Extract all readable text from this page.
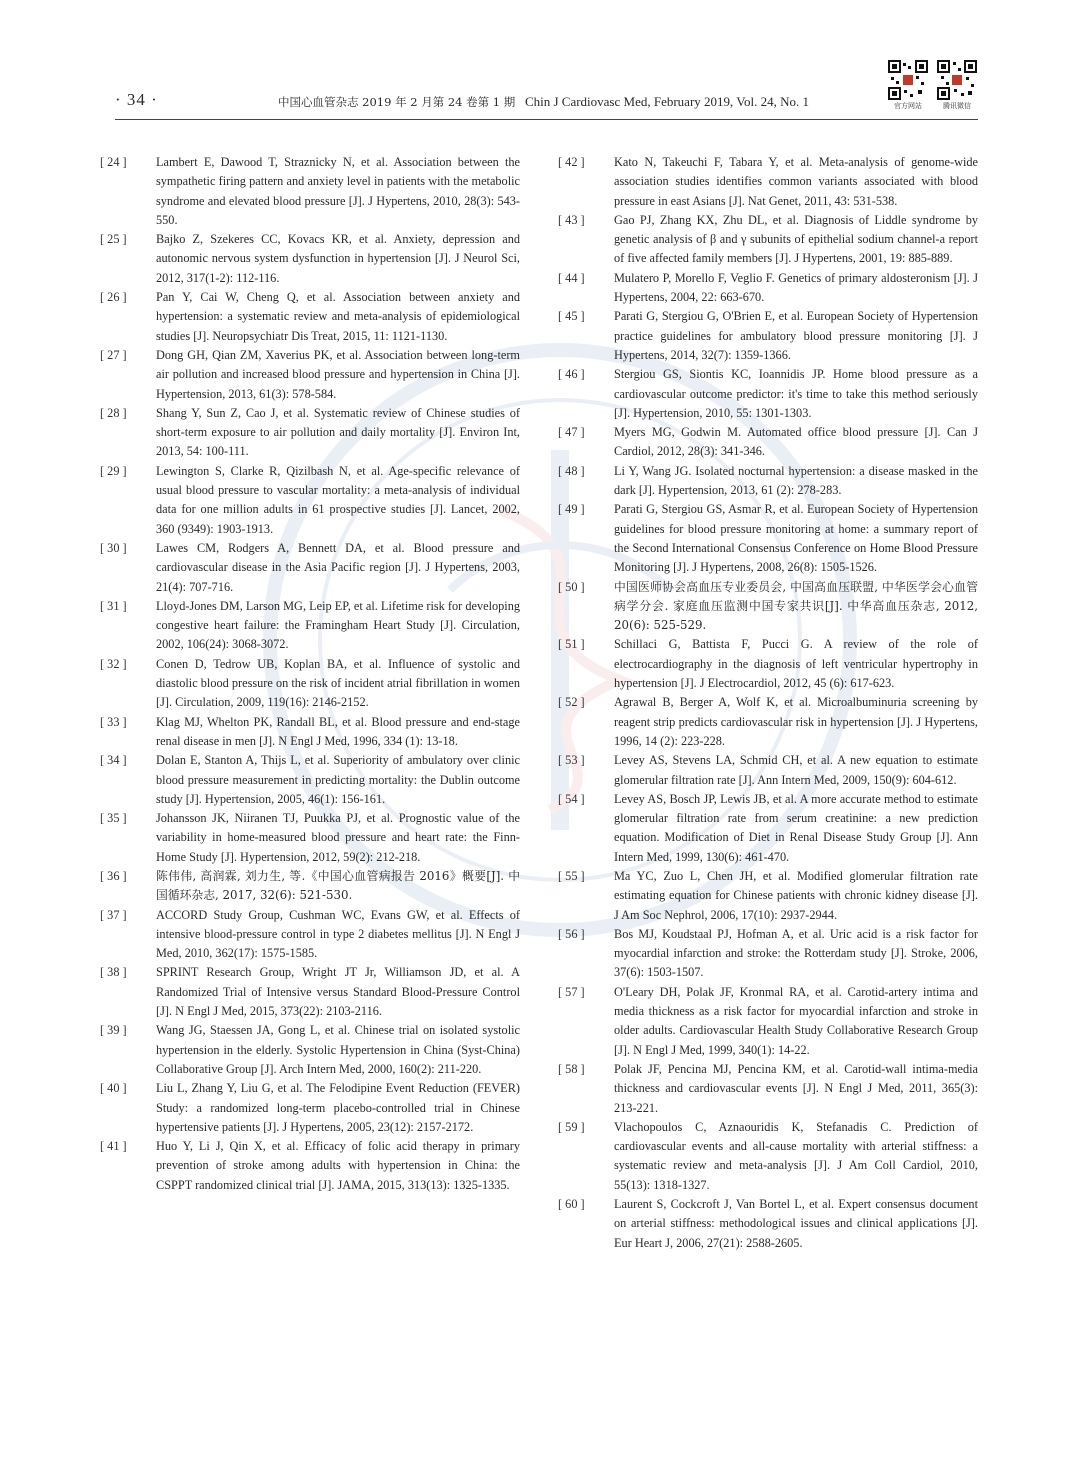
· 34 ·	中国心血管杂志 2019 年 2 月第 24 卷第 1 期 Chin J Cardiovasc Med, February 2019, Vol. 24, No. 1	官方网站	腾讯微信
[ 24 ]	Lambert E, Dawood T, Straznicky N, et al. Association between the sympathetic firing pattern and anxiety level in patients with the metabolic syndrome and elevated blood pressure [J]. J Hypertens, 2010, 28(3): 543-550.
[ 25 ]	Bajko Z, Szekeres CC, Kovacs KR, et al. Anxiety, depression and autonomic nervous system dysfunction in hypertension [J]. J Neurol Sci, 2012, 317(1-2): 112-116.
[ 26 ]	Pan Y, Cai W, Cheng Q, et al. Association between anxiety and hypertension: a systematic review and meta-analysis of epidemiological studies [J]. Neuropsychiatr Dis Treat, 2015, 11: 1121-1130.
[ 27 ]	Dong GH, Qian ZM, Xaverius PK, et al. Association between long-term air pollution and increased blood pressure and hypertension in China [J]. Hypertension, 2013, 61(3): 578-584.
[ 28 ]	Shang Y, Sun Z, Cao J, et al. Systematic review of Chinese studies of short-term exposure to air pollution and daily mortality [J]. Environ Int, 2013, 54: 100-111.
[ 29 ]	Lewington S, Clarke R, Qizilbash N, et al. Age-specific relevance of usual blood pressure to vascular mortality: a meta-analysis of individual data for one million adults in 61 prospective studies [J]. Lancet, 2002, 360 (9349): 1903-1913.
[ 30 ]	Lawes CM, Rodgers A, Bennett DA, et al. Blood pressure and cardiovascular disease in the Asia Pacific region [J]. J Hypertens, 2003, 21(4): 707-716.
[ 31 ]	Lloyd-Jones DM, Larson MG, Leip EP, et al. Lifetime risk for developing congestive heart failure: the Framingham Heart Study [J]. Circulation, 2002, 106(24): 3068-3072.
[ 32 ]	Conen D, Tedrow UB, Koplan BA, et al. Influence of systolic and diastolic blood pressure on the risk of incident atrial fibrillation in women [J]. Circulation, 2009, 119(16): 2146-2152.
[ 33 ]	Klag MJ, Whelton PK, Randall BL, et al. Blood pressure and end-stage renal disease in men [J]. N Engl J Med, 1996, 334 (1): 13-18.
[ 34 ]	Dolan E, Stanton A, Thijs L, et al. Superiority of ambulatory over clinic blood pressure measurement in predicting mortality: the Dublin outcome study [J]. Hypertension, 2005, 46(1): 156-161.
[ 35 ]	Johansson JK, Niiranen TJ, Puukka PJ, et al. Prognostic value of the variability in home-measured blood pressure and heart rate: the Finn-Home Study [J]. Hypertension, 2012, 59(2): 212-218.
[ 36 ]	陈伟伟, 高润霖, 刘力生, 等.《中国心血管病报告 2016》概要[J]. 中国循环杂志, 2017, 32(6): 521-530.
[ 37 ]	ACCORD Study Group, Cushman WC, Evans GW, et al. Effects of intensive blood-pressure control in type 2 diabetes mellitus [J]. N Engl J Med, 2010, 362(17): 1575-1585.
[ 38 ]	SPRINT Research Group, Wright JT Jr, Williamson JD, et al. A Randomized Trial of Intensive versus Standard Blood-Pressure Control [J]. N Engl J Med, 2015, 373(22): 2103-2116.
[ 39 ]	Wang JG, Staessen JA, Gong L, et al. Chinese trial on isolated systolic hypertension in the elderly. Systolic Hypertension in China (Syst-China) Collaborative Group [J]. Arch Intern Med, 2000, 160(2): 211-220.
[ 40 ]	Liu L, Zhang Y, Liu G, et al. The Felodipine Event Reduction (FEVER) Study: a randomized long-term placebo-controlled trial in Chinese hypertensive patients [J]. J Hypertens, 2005, 23(12): 2157-2172.
[ 41 ]	Huo Y, Li J, Qin X, et al. Efficacy of folic acid therapy in primary prevention of stroke among adults with hypertension in China: the CSPPT randomized clinical trial [J]. JAMA, 2015, 313(13): 1325-1335.
[ 42 ]	Kato N, Takeuchi F, Tabara Y, et al. Meta-analysis of genome-wide association studies identifies common variants associated with blood pressure in east Asians [J]. Nat Genet, 2011, 43: 531-538.
[ 43 ]	Gao PJ, Zhang KX, Zhu DL, et al. Diagnosis of Liddle syndrome by genetic analysis of β and γ subunits of epithelial sodium channel-a report of five affected family members [J]. J Hypertens, 2001, 19: 885-889.
[ 44 ]	Mulatero P, Morello F, Veglio F. Genetics of primary aldosteronism [J]. J Hypertens, 2004, 22: 663-670.
[ 45 ]	Parati G, Stergiou G, O'Brien E, et al. European Society of Hypertension practice guidelines for ambulatory blood pressure monitoring [J]. J Hypertens, 2014, 32(7): 1359-1366.
[ 46 ]	Stergiou GS, Siontis KC, Ioannidis JP. Home blood pressure as a cardiovascular outcome predictor: it's time to take this method seriously [J]. Hypertension, 2010, 55: 1301-1303.
[ 47 ]	Myers MG, Godwin M. Automated office blood pressure [J]. Can J Cardiol, 2012, 28(3): 341-346.
[ 48 ]	Li Y, Wang JG. Isolated nocturnal hypertension: a disease masked in the dark [J]. Hypertension, 2013, 61 (2): 278-283.
[ 49 ]	Parati G, Stergiou GS, Asmar R, et al. European Society of Hypertension guidelines for blood pressure monitoring at home: a summary report of the Second International Consensus Conference on Home Blood Pressure Monitoring [J]. J Hypertens, 2008, 26(8): 1505-1526.
[ 50 ]	中国医师协会高血压专业委员会, 中国高血压联盟, 中华医学会心血管病学分会. 家庭血压监测中国专家共识[J]. 中华高血压杂志, 2012, 20(6): 525-529.
[ 51 ]	Schillaci G, Battista F, Pucci G. A review of the role of electrocardiography in the diagnosis of left ventricular hypertrophy in hypertension [J]. J Electrocardiol, 2012, 45 (6): 617-623.
[ 52 ]	Agrawal B, Berger A, Wolf K, et al. Microalbuminuria screening by reagent strip predicts cardiovascular risk in hypertension [J]. J Hypertens, 1996, 14 (2): 223-228.
[ 53 ]	Levey AS, Stevens LA, Schmid CH, et al. A new equation to estimate glomerular filtration rate [J]. Ann Intern Med, 2009, 150(9): 604-612.
[ 54 ]	Levey AS, Bosch JP, Lewis JB, et al. A more accurate method to estimate glomerular filtration rate from serum creatinine: a new prediction equation. Modification of Diet in Renal Disease Study Group [J]. Ann Intern Med, 1999, 130(6): 461-470.
[ 55 ]	Ma YC, Zuo L, Chen JH, et al. Modified glomerular filtration rate estimating equation for Chinese patients with chronic kidney disease [J]. J Am Soc Nephrol, 2006, 17(10): 2937-2944.
[ 56 ]	Bos MJ, Koudstaal PJ, Hofman A, et al. Uric acid is a risk factor for myocardial infarction and stroke: the Rotterdam study [J]. Stroke, 2006, 37(6): 1503-1507.
[ 57 ]	O'Leary DH, Polak JF, Kronmal RA, et al. Carotid-artery intima and media thickness as a risk factor for myocardial infarction and stroke in older adults. Cardiovascular Health Study Collaborative Research Group [J]. N Engl J Med, 1999, 340(1): 14-22.
[ 58 ]	Polak JF, Pencina MJ, Pencina KM, et al. Carotid-wall intima-media thickness and cardiovascular events [J]. N Engl J Med, 2011, 365(3): 213-221.
[ 59 ]	Vlachopoulos C, Aznaouridis K, Stefanadis C. Prediction of cardiovascular events and all-cause mortality with arterial stiffness: a systematic review and meta-analysis [J]. J Am Coll Cardiol, 2010, 55(13): 1318-1327.
[ 60 ]	Laurent S, Cockcroft J, Van Bortel L, et al. Expert consensus document on arterial stiffness: methodological issues and clinical applications [J]. Eur Heart J, 2006, 27(21): 2588-2605.
